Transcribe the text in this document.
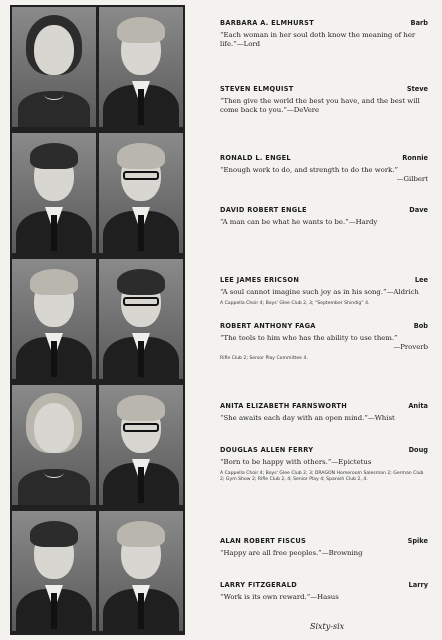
BARBARA A. ELMHURST	Barb
“Each woman in her soul doth know the meaning of her life.”—Lord
STEVEN ELMQUIST	Steve
“Then give the world the best you have, and the best will come back to you.”—DeVere
RONALD L. ENGEL	Ronnie
“Enough work to do, and strength to do the work.”
—Gilbert
DAVID ROBERT ENGLE	Dave
“A man can be what he wants to be.”—Hardy
LEE JAMES ERICSON	Lee
“A soul cannot imagine such joy as in his song.”—Aldrich
A Cappella Choir 4; Boys' Glee Club 2, 3; “September Shindig” 4.
ROBERT ANTHONY FAGA	Bob
“The tools to him who has the ability to use them.”
—Proverb
Rifle Club 2; Senior Play Committee 4.
ANITA ELIZABETH FARNSWORTH	Anita
“She awaits each day with an open mind.”—Whist
DOUGLAS ALLEN FERRY	Doug
“Born to be happy with others.”—Epictetus
A Cappella Choir 4; Boys' Glee Club 2, 3; DRAGON Homeroom Salesman 2; German Club 2; Gym Show 2; Rifle Club 2, 4; Senior Play 4; Spanish Club 2, 4.
ALAN ROBERT FISCUS	Spike
“Happy are all free peoples.”—Browning
LARRY FITZGERALD	Larry
“Work is its own reward.”—Hasus
Sixty-six
